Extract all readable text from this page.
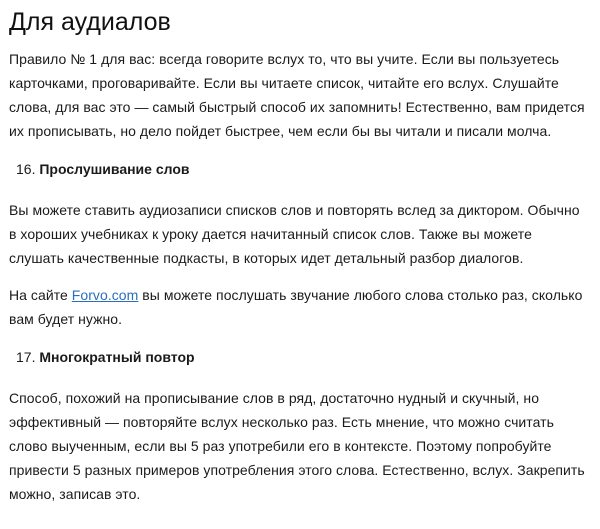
Для аудиалов

Правило № 1 для вас: всегда говорите вслух то, что вы учите. Если вы пользуетесь карточками, проговаривайте. Если вы читаете список, читайте его вслух. Слушайте слова, для вас это — самый быстрый способ их запомнить! Естественно, вам придется их прописывать, но дело пойдет быстрее, чем если бы вы читали и писали молча.

16. Прослушивание слов

Вы можете ставить аудиозаписи списков слов и повторять вслед за диктором. Обычно в хороших учебниках к уроку дается начитанный список слов. Также вы можете слушать качественные подкасты, в которых идет детальный разбор диалогов.

На сайте Forvo.com вы можете послушать звучание любого слова столько раз, сколько вам будет нужно.

17. Многократный повтор

Способ, похожий на прописывание слов в ряд, достаточно нудный и скучный, но эффективный — повторяйте вслух несколько раз. Есть мнение, что можно считать слово выученным, если вы 5 раз употребили его в контексте. Поэтому попробуйте привести 5 разных примеров употребления этого слова. Естественно, вслух. Закрепить можно, записав это.
